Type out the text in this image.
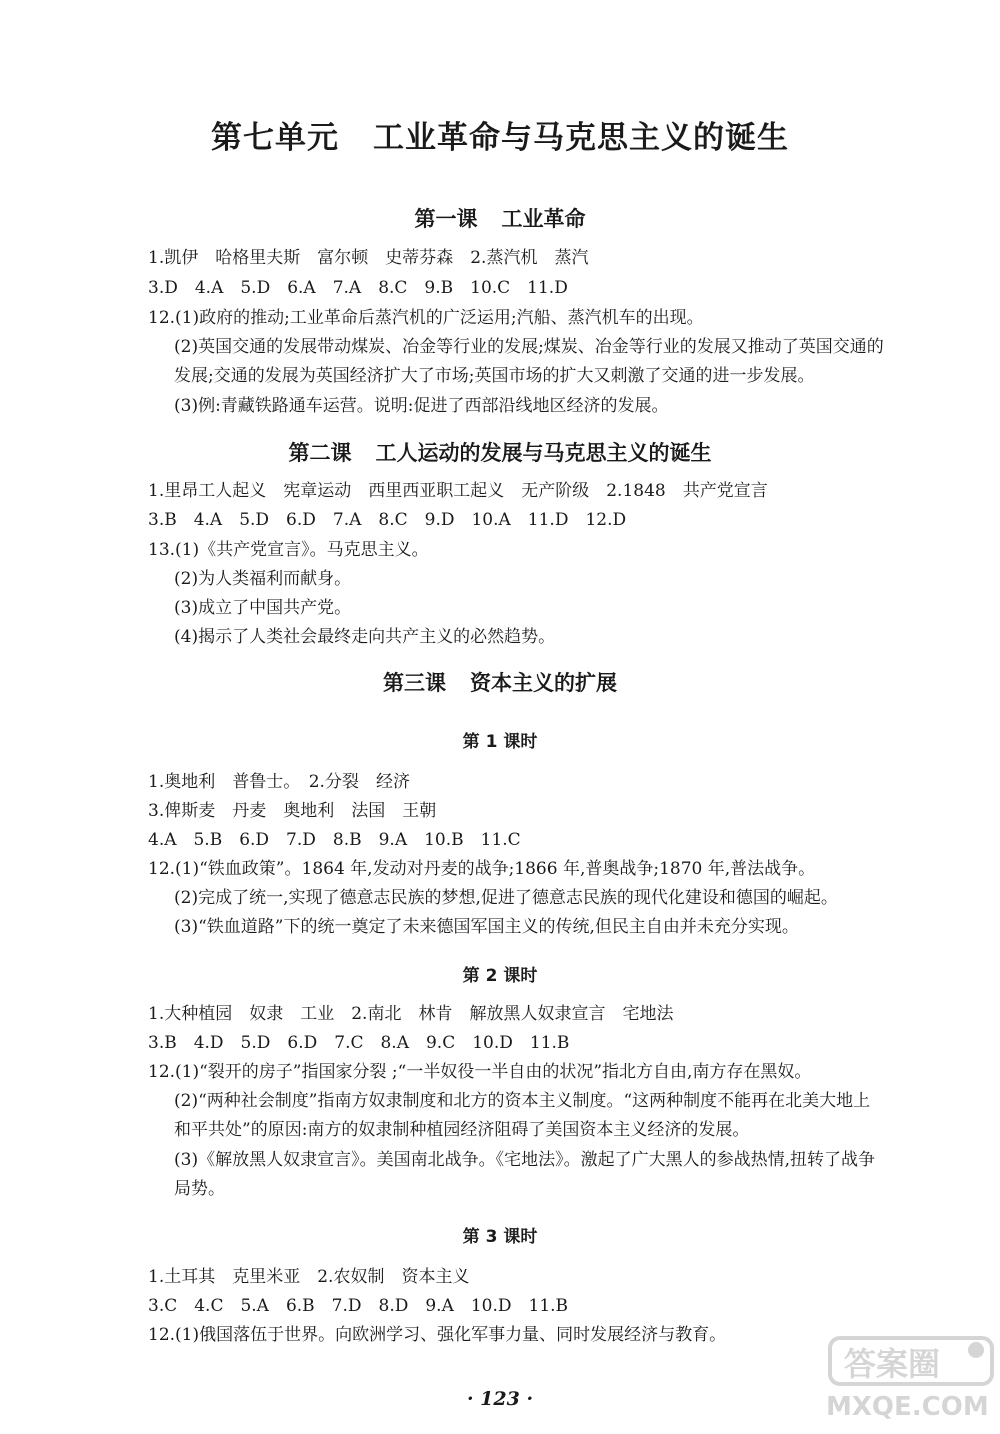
第七单元 工业革命与马克思主义的诞生
第一课 工业革命
1.凯伊　哈格里夫斯　富尔顿　史蒂芬森　2.蒸汽机　蒸汽
3.D　4.A　5.D　6.A　7.A　8.C　9.B　10.C　11.D
12.(1)政府的推动;工业革命后蒸汽机的广泛运用;汽船、蒸汽机车的出现。
(2)英国交通的发展带动煤炭、冶金等行业的发展;煤炭、冶金等行业的发展又推动了英国交通的
发展;交通的发展为英国经济扩大了市场;英国市场的扩大又刺激了交通的进一步发展。
(3)例:青藏铁路通车运营。说明:促进了西部沿线地区经济的发展。
第二课 工人运动的发展与马克思主义的诞生
1.里昂工人起义　宪章运动　西里西亚职工起义　无产阶级　2.1848　共产党宣言
3.B　4.A　5.D　6.D　7.A　8.C　9.D　10.A　11.D　12.D
13.(1)《共产党宣言》。马克思主义。
(2)为人类福利而献身。
(3)成立了中国共产党。
(4)揭示了人类社会最终走向共产主义的必然趋势。
第三课 资本主义的扩展
第 1 课时
1.奥地利　普鲁士。　2.分裂　经济
3.俾斯麦　丹麦　奥地利　法国　王朝
4.A　5.B　6.D　7.D　8.B　9.A　10.B　11.C
12.(1)“铁血政策”。1864 年,发动对丹麦的战争;1866 年,普奥战争;1870 年,普法战争。
(2)完成了统一,实现了德意志民族的梦想,促进了德意志民族的现代化建设和德国的崛起。
(3)“铁血道路”下的统一奠定了未来德国军国主义的传统,但民主自由并未充分实现。
第 2 课时
1.大种植园　奴隶　工业　2.南北　林肯　解放黑人奴隶宣言　宅地法
3.B　4.D　5.D　6.D　7.C　8.A　9.C　10.D　11.B
12.(1)“裂开的房子”指国家分裂 ;“一半奴役一半自由的状况”指北方自由,南方存在黑奴。
(2)“两种社会制度”指南方奴隶制度和北方的资本主义制度。“这两种制度不能再在北美大地上
和平共处”的原因:南方的奴隶制种植园经济阻碍了美国资本主义经济的发展。
(3)《解放黑人奴隶宣言》。美国南北战争。《宅地法》。激起了广大黑人的参战热情,扭转了战争
局势。
第 3 课时
1.土耳其　克里米亚　2.农奴制　资本主义
3.C　4.C　5.A　6.B　7.D　8.D　9.A　10.D　11.B
12.(1)俄国落伍于世界。向欧洲学习、强化军事力量、同时发展经济与教育。
· 123 ·
答案圈
MXQE.COM
